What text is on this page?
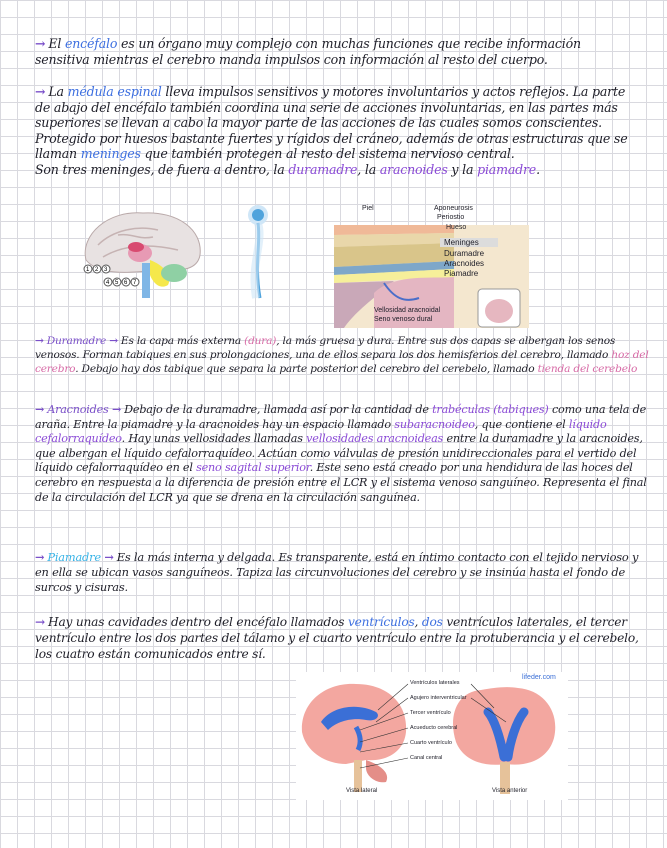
→ El encéfalo es un órgano muy complejo con muchas funciones que recibe información sensitiva mientras el cerebro manda impulsos con información al resto del cuerpo.
→ La médula espinal lleva impulsos sensitivos y motores involuntarios y actos reflejos. La parte de abajo del encéfalo también coordina una serie de acciones involuntarias, en las partes más superiores se llevan a cabo la mayor parte de las acciones de las cuales somos conscientes. Protegido por huesos bastante fuertes y rígidos del cráneo, además de otras estructuras que se llaman meninges que también protegen al resto del sistema nervioso central.
Son tres meninges, de fuera a dentro, la duramadre, la aracnoides y la piamadre.
1 2 3
4 5 6 7
Piel	Aponeurosis
Periostio
Hueso
Meninges
Duramadre
Aracnoides
Piamadre
Vellosidad aracnoidal
Seno venoso dural
→ Duramadre → Es la capa más externa (dura), la más gruesa y dura. Entre sus dos capas se albergan los senos venosos. Forman tabiques en sus prolongaciones, una de ellos separa los dos hemisferios del cerebro, llamado hoz del cerebro. Debajo hay dos tabique que separa la parte posterior del cerebro del cerebelo, llamado tienda del cerebelo
→ Aracnoides → Debajo de la duramadre, llamada así por la cantidad de trabéculas (tabiques) como una tela de araña. Entre la piamadre y la aracnoides hay un espacio llamado subaracnoideo, que contiene el líquido cefalorraquídeo. Hay unas vellosidades llamadas vellosidades aracnoideas entre la duramadre y la aracnoides, que albergan el líquido cefalorraquídeo. Actúan como válvulas de presión unidireccionales para el vertido del líquido cefalorraquídeo en el seno sagital superior. Este seno está creado por una hendidura de las hoces del cerebro en respuesta a la diferencia de presión entre el LCR y el sistema venoso sanguíneo. Representa el final de la circulación del LCR ya que se drena en la circulación sanguínea.
→ Piamadre → Es la más interna y delgada. Es transparente, está en íntimo contacto con el tejido nervioso y en ella se ubican vasos sanguíneos. Tapiza las circunvoluciones del cerebro y se insinúa hasta el fondo de surcos y cisuras.
→ Hay unas cavidades dentro del encéfalo llamados ventrículos, dos ventrículos laterales, el tercer ventrículo entre los dos partes del tálamo y el cuarto ventrículo entre la protuberancia y el cerebelo, los cuatro están comunicados entre sí.
lifeder.com
Ventrículos laterales
Agujero interventricular
Tercer ventrículo
Acueducto cerebral
Cuarto ventrículo
Canal central
Vista lateral	Vista anterior
